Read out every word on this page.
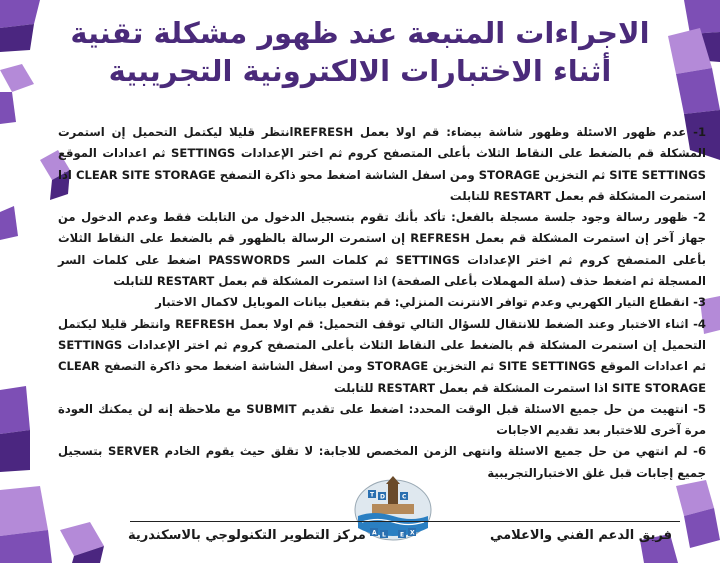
الاجراءات المتبعة عند ظهور مشكلة تقنية
أثناء الاختبارات الالكترونية التجريبية

1- عدم ظهور الاسئلة وظهور شاشة بيضاء: قم اولا بعمل REFRESHانتظر قليلا ليكتمل التحميل إن استمرت المشكلة قم بالضغط على النقاط الثلاث بأعلى المتصفح كروم ثم اختر الإعدادات SETTINGS ثم اعدادات الموقع SITE SETTINGS ثم التخزين STORAGE ومن اسفل الشاشة اضغط محو ذاكرة التصفح CLEAR SITE STORAGE اذا استمرت المشكلة قم بعمل RESTART للتابلت

2- ظهور رسالة وجود جلسة مسجلة بالفعل: تأكد بأنك تقوم بتسجيل الدخول من التابلت فقط وعدم الدخول من جهاز آخر إن استمرت المشكلة قم بعمل REFRESH إن استمرت الرسالة بالظهور قم بالضغط على النقاط الثلاث بأعلى المتصفح كروم ثم اختر الإعدادات SETTINGS ثم كلمات السر PASSWORDS اضغط على كلمات السر المسجلة ثم اضغط حذف (سلة المهملات بأعلى الصفحة) اذا استمرت المشكلة قم بعمل RESTART للتابلت

3- انقطاع التيار الكهربي وعدم توافر الانترنت المنزلي: قم بتفعيل بيانات الموبايل لاكمال الاختبار

4- اثناء الاختبار وعند الضغط للانتقال للسؤال التالي توقف التحميل: قم اولا بعمل REFRESH وانتظر قليلا ليكتمل التحميل إن استمرت المشكلة قم بالضغط على النقاط الثلاث بأعلى المتصفح كروم ثم اختر الإعدادات SETTINGS ثم اعدادات الموقع SITE SETTINGS ثم التخزين STORAGE ومن اسفل الشاشة اضغط محو ذاكرة التصفح CLEAR SITE STORAGE اذا استمرت المشكلة قم بعمل RESTART للتابلت

5- انتهيت من حل جميع الاسئلة قبل الوقت المحدد: اضغط على تقديم SUBMIT مع ملاحظة إنه لن يمكنك العودة مرة آخرى للاختبار بعد تقديم الاجابات

6- لم انتهي من حل جميع الاسئلة وانتهى الزمن المخصص للاجابة: لا تقلق حيث يقوم الخادم SERVER بتسجيل جميع إجابات قبل غلق الاختبارالتجريبية

T D	C
A L E X	فريق الدعم الفني والاعلامي
مركز التطوير التكنولوجي بالاسكندرية
